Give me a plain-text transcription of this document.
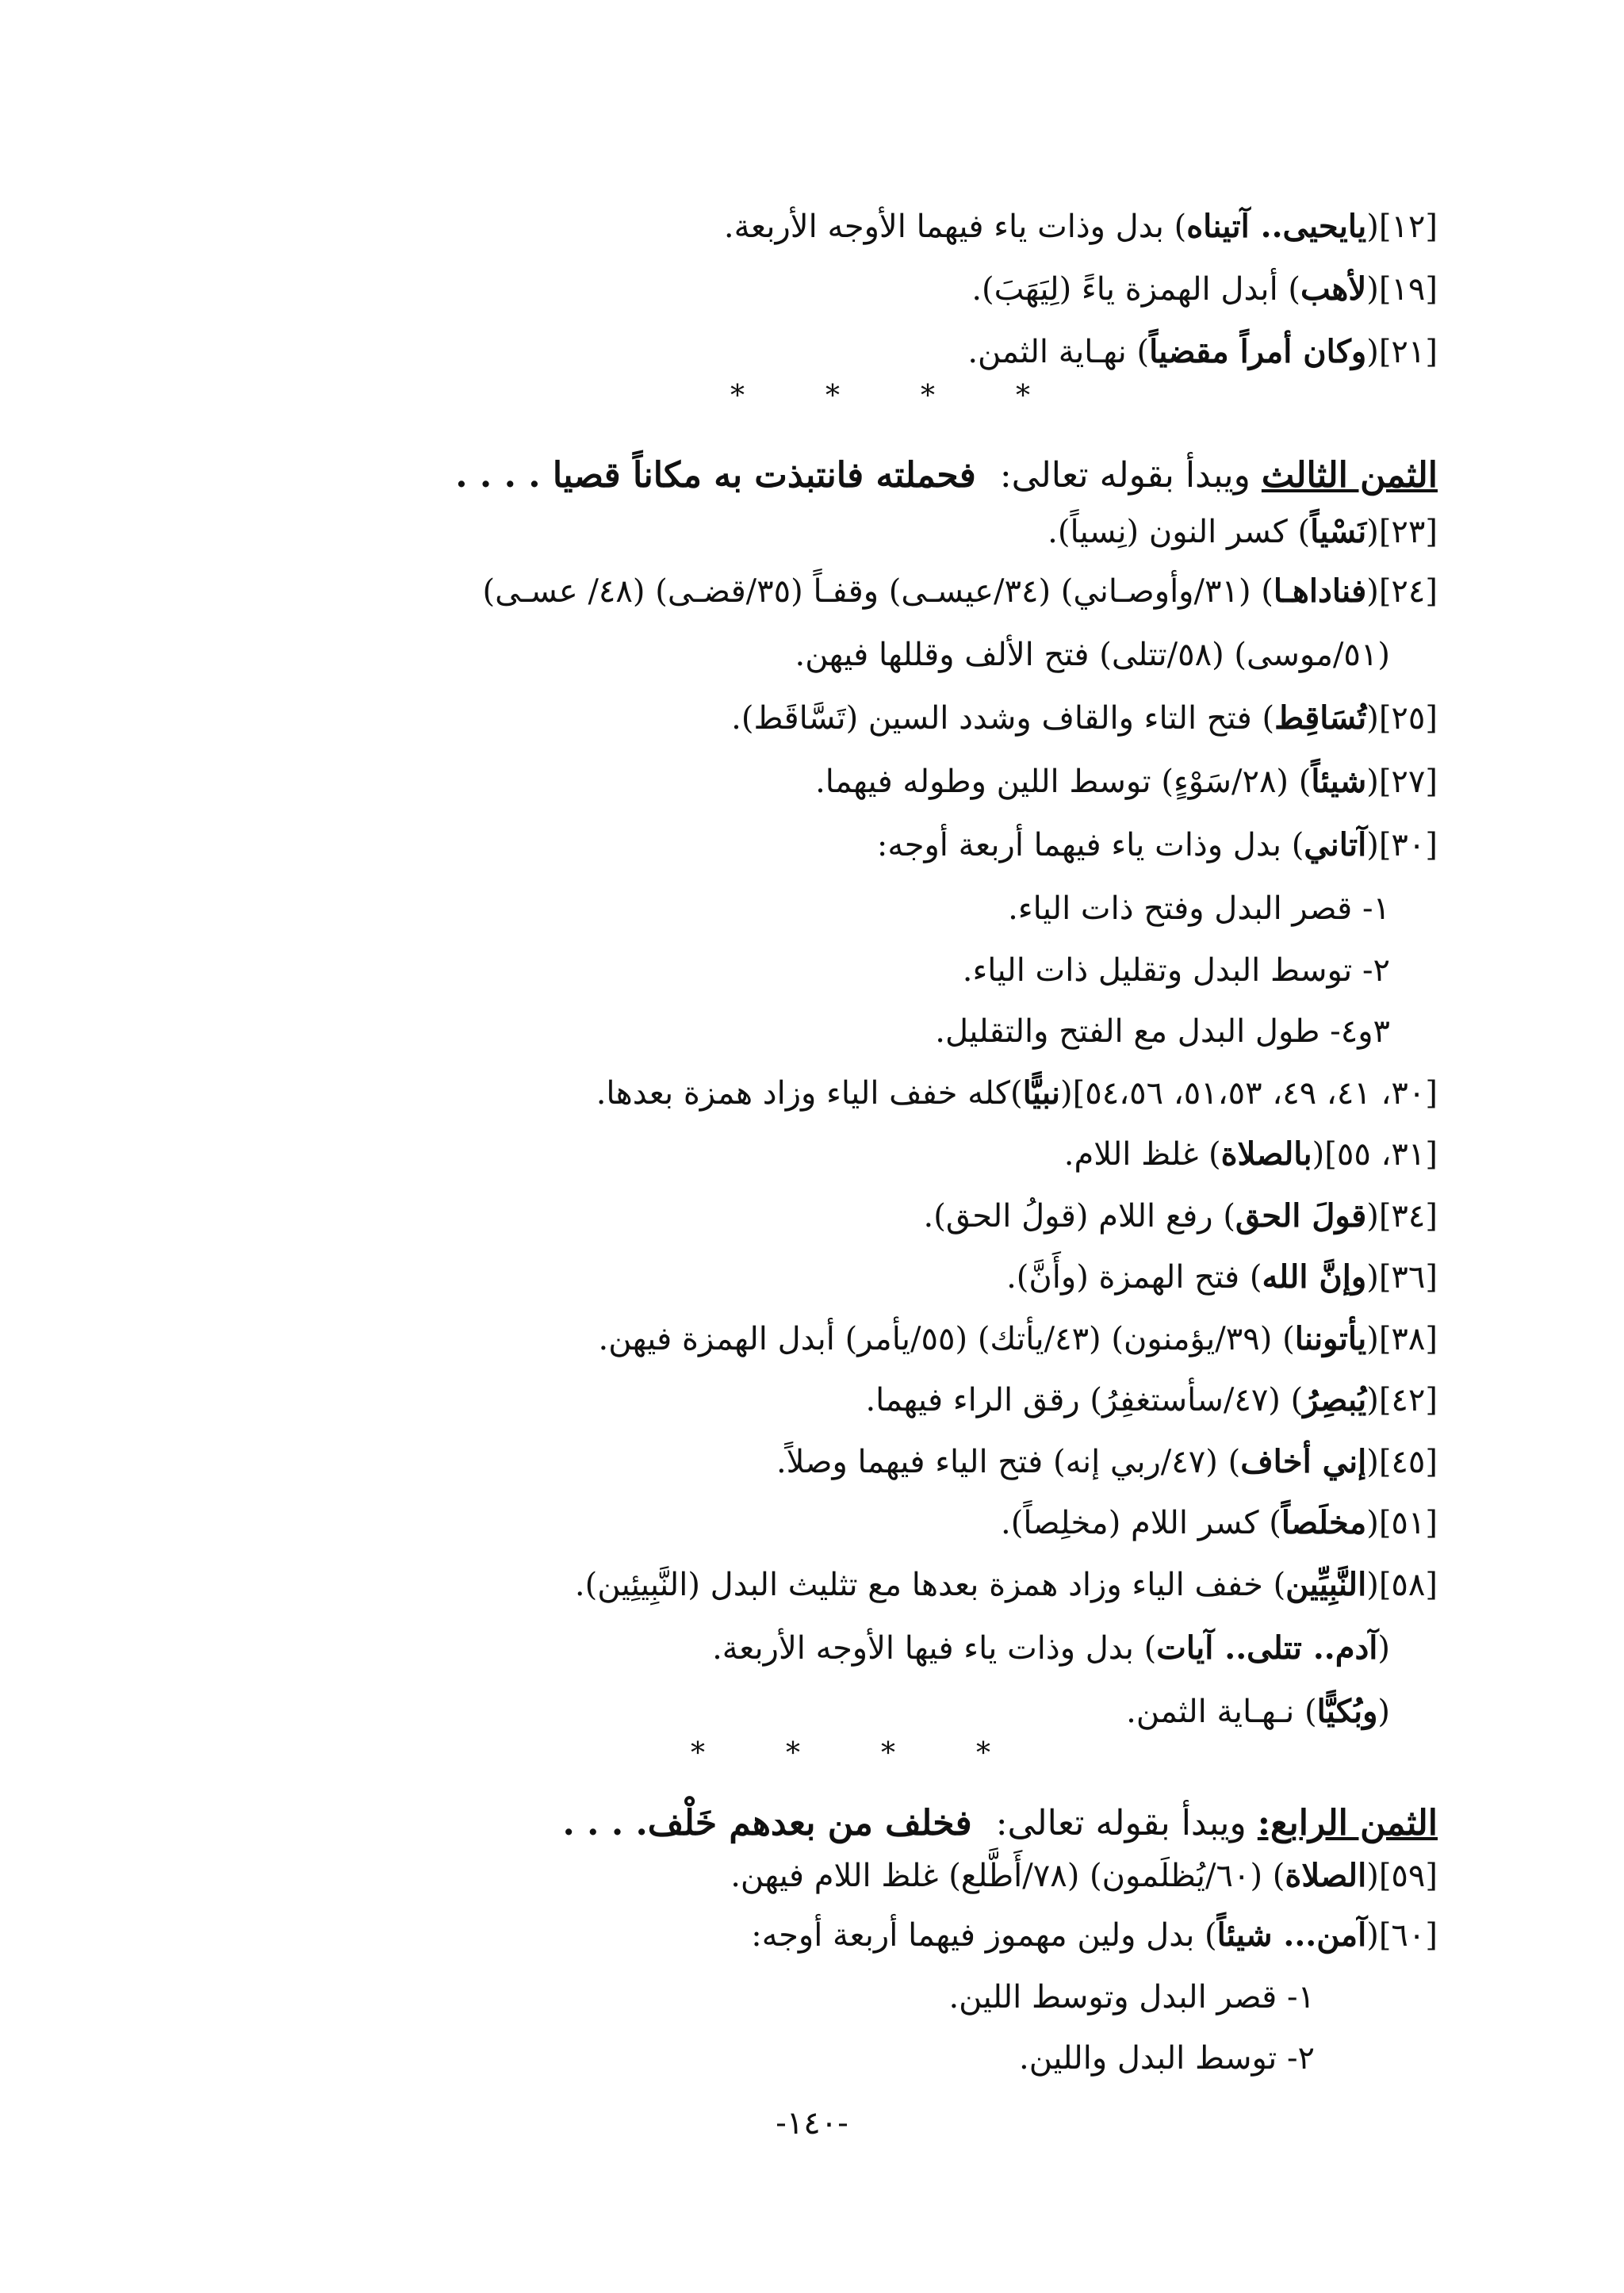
[١٢](يايحيى.. آتيناه) بدل وذات ياء فيهما الأوجه الأربعة.
[١٩](لأهب) أبدل الهمزة ياءً (لِيَهَبَ).
[٢١](وكان أمراً مقضياً) نهـاية الثمن.
*	*	*	*
الثمن الثالث ويبدأ بقوله تعالى:فحملته فانتبذت به مكاناً قصيا . . . .
[٢٣](نَسْياً) كسر النون (نِسياً).
[٢٤](فناداهـا) (٣١/وأوصـاني) (٣٤/عيسـى) وقفـاً (٣٥/قضـى) (٤٨/ عسـى)
(٥١/موسى) (٥٨/تتلى) فتح الألف وقللها فيهن.
[٢٥](تُسَاقِط) فتح التاء والقاف وشدد السين (تَسَّاقَط).
[٢٧](شيئاً) (٢٨/سَوْءٍ) توسط اللين وطوله فيهما.
[٣٠](آتاني) بدل وذات ياء فيهما أربعة أوجه:
١- قصر البدل وفتح ذات الياء.
٢- توسط البدل وتقليل ذات الياء.
٣و٤- طول البدل مع الفتح والتقليل.
[٣٠، ٤١، ٤٩، ٥١،٥٣، ٥٤،٥٦](نبيًّا)كله خفف الياء وزاد همزة بعدها.
[٣١، ٥٥](بالصلاة) غلظ اللام.
[٣٤](قولَ الحق) رفع اللام (قولُ الحق).
[٣٦](وإنَّ الله) فتح الهمزة (وأَنَّ).
[٣٨](يأتوننا) (٣٩/يؤمنون) (٤٣/يأتك) (٥٥/يأمر) أبدل الهمزة فيهن.
[٤٢](يُبصِرُ) (٤٧/سأستغفِرُ) رقق الراء فيهما.
[٤٥](إني أخاف) (٤٧/ربي إنه) فتح الياء فيهما وصلاً.
[٥١](مخلَصاً) كسر اللام (مخلِصاً).
[٥٨](النَّبِيِّين) خفف الياء وزاد همزة بعدها مع تثليث البدل (النَّبِيئِين).
(آدم.. تتلى.. آيات) بدل وذات ياء فيها الأوجه الأربعة.
(وبُكيًّا) نـهـاية الثمن.
*	*	*	*
الثمن الرابع: ويبدأ بقوله تعالى:فخلف من بعدهم خَلْف. . . .
[٥٩](الصلاة) (٦٠/يُظلَمون) (٧٨/أَطَّلع) غلظ اللام فيهن.
[٦٠](آمن... شيئاً) بدل ولين مهموز فيهما أربعة أوجه:
١- قصر البدل وتوسط اللين.
٢- توسط البدل واللين.
-١٤٠-
